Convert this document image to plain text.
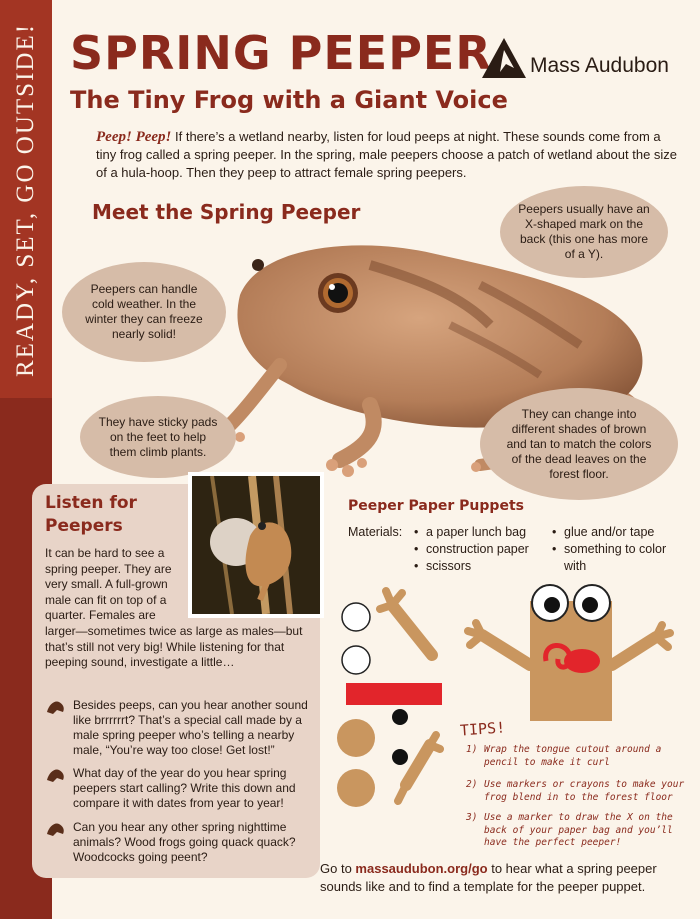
READY, SET, GO OUTSIDE! SPRING PEEPER
The Tiny Frog with a Giant Voice
Mass Audubon

Peep! Peep! If there’s a wetland nearby, listen for loud peeps at night. These sounds come from a tiny frog called a spring peeper. In the spring, male peepers choose a patch of wetland about the size of a hula-hoop. Then they peep to attract female spring peepers.

Meet the Spring Peeper	Peepers usually have an X-shaped mark on the back (this one has more of a Y).
Peepers can handle cold weather. In the winter they can freeze nearly solid!
They have sticky pads on the feet to help them climb plants.
They can change into different shades of brown and tan to match the colors of the dead leaves on the forest floor.
Listen for Peepers
It can be hard to see a spring peeper. They are very small. A full-grown male can fit on top of a quarter. Females are
larger—sometimes twice as large as males—but that’s still not very big! While listening for that peeping sound, investigate a little…
Besides peeps, can you hear another sound like brrrrrrt? That’s a special call made by a male spring peeper who’s telling a nearby male, “You’re way too close! Get lost!”
What day of the year do you hear spring peepers start calling? Write this down and compare it with dates from year to year!
Can you hear any other spring nighttime animals? Wood frogs going quack quack? Woodcocks going peent?
Peeper Paper Puppets
Materials:
•	a paper lunch bag
• construction paper
• scissors
• glue and/or tape
• something to color with
TIPS!
1) Wrap the tongue cutout around a pencil to make it curl
2) Use markers or crayons to make your frog blend in to the forest floor
3) Use a marker to draw the X on the back of your paper bag and you’ll have the perfect peeper!

Go to massaudubon.org/go to hear what a spring peeper sounds like and to find a template for the peeper puppet.
